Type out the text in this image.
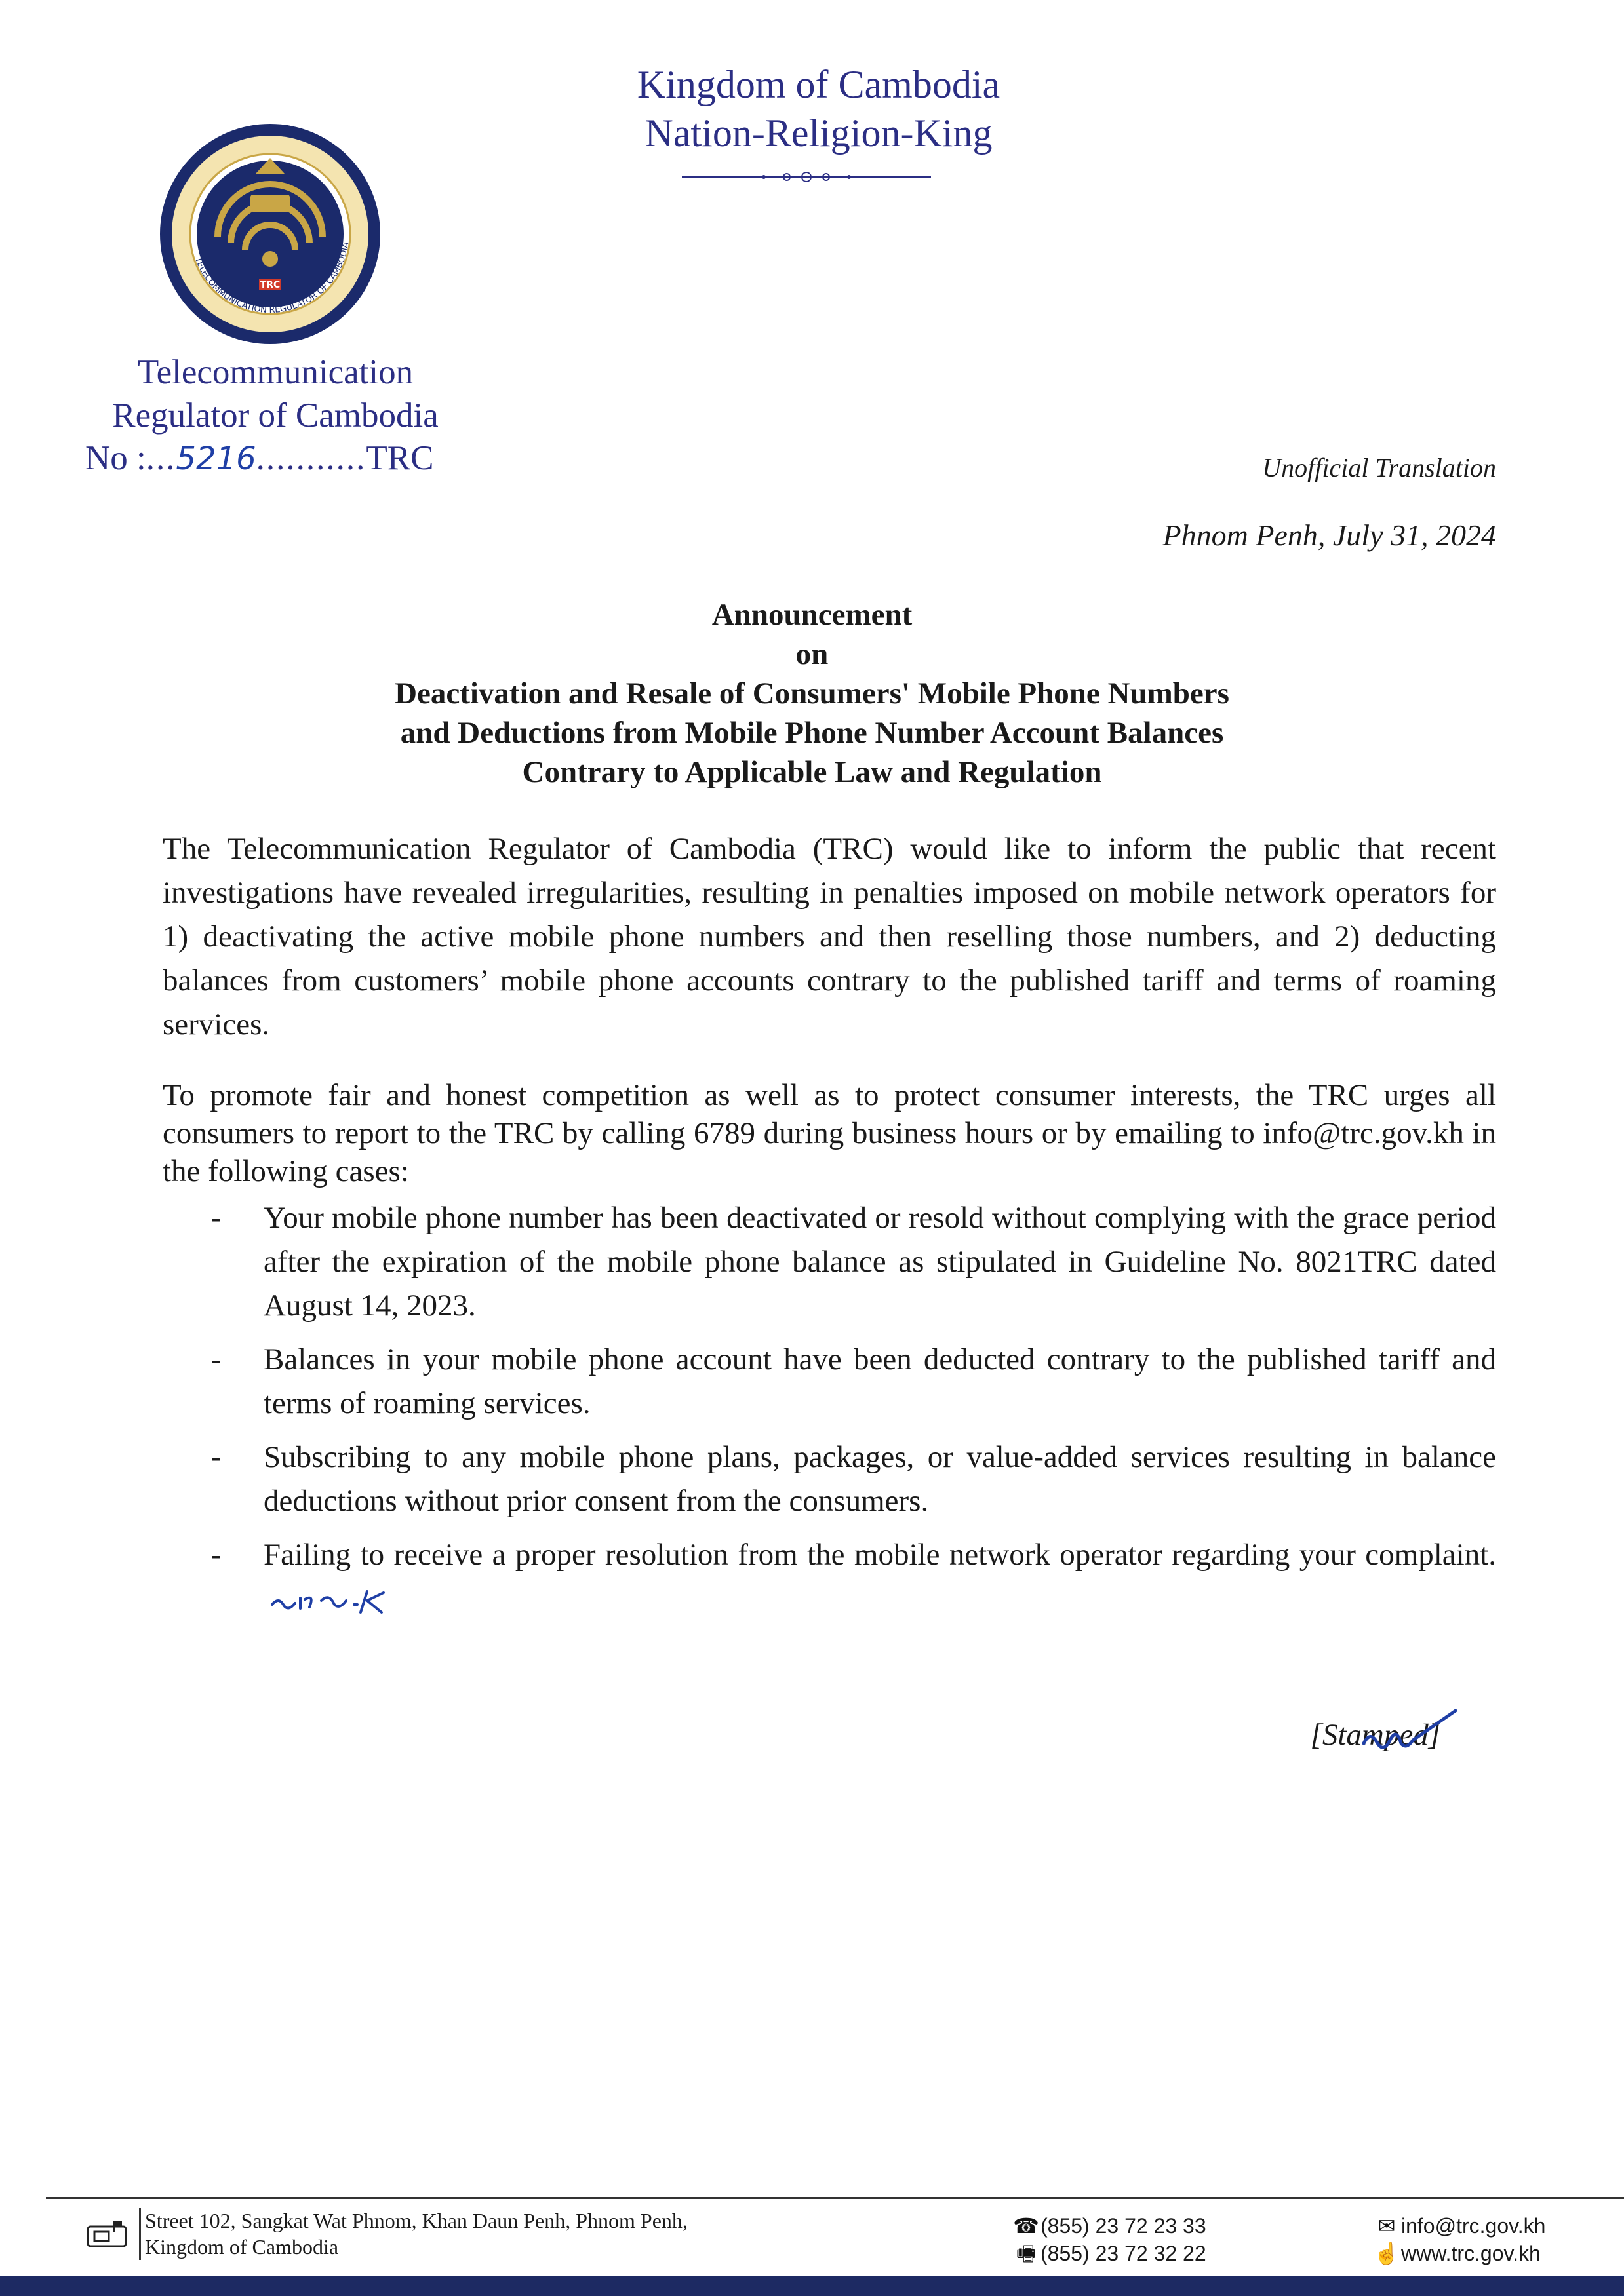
Kingdom of Cambodia
Nation-Religion-King
TRC
TELECOMMUNICATION REGULATOR OF CAMBODIA
Telecommunication
Regulator of Cambodia
No :...5216...........TRC	Unofficial Translation
Phnom Penh, July 31, 2024
Announcement
on
Deactivation and Resale of Consumers' Mobile Phone Numbers
and Deductions from Mobile Phone Number Account Balances
Contrary to Applicable Law and Regulation
The Telecommunication Regulator of Cambodia (TRC) would like to inform the public that recent investigations have revealed irregularities, resulting in penalties imposed on mobile network operators for 1) deactivating the active mobile phone numbers and then reselling those numbers, and 2) deducting balances from customers’ mobile phone accounts contrary to the published tariff and terms of roaming services.
To promote fair and honest competition as well as to protect consumer interests, the TRC urges all consumers to report to the TRC by calling 6789 during business hours or by emailing to info@trc.gov.kh in the following cases:
- Your mobile phone number has been deactivated or resold without complying with the grace period after the expiration of the mobile phone balance as stipulated in Guideline No. 8021TRC dated August 14, 2023.
- Balances in your mobile phone account have been deducted contrary to the published tariff and terms of roaming services.
- Subscribing to any mobile phone plans, packages, or value-added services resulting in balance deductions without prior consent from the consumers.
- Failing to receive a proper resolution from the mobile network operator regarding your complaint.
[Stamped]
Street 102, Sangkat Wat Phnom, Khan Daun Penh, Phnom Penh,
Kingdom of Cambodia
☎(855) 23 72 23 33
🖷 (855) 23 72 32 22
✉ info@trc.gov.kh
☝www.trc.gov.kh
